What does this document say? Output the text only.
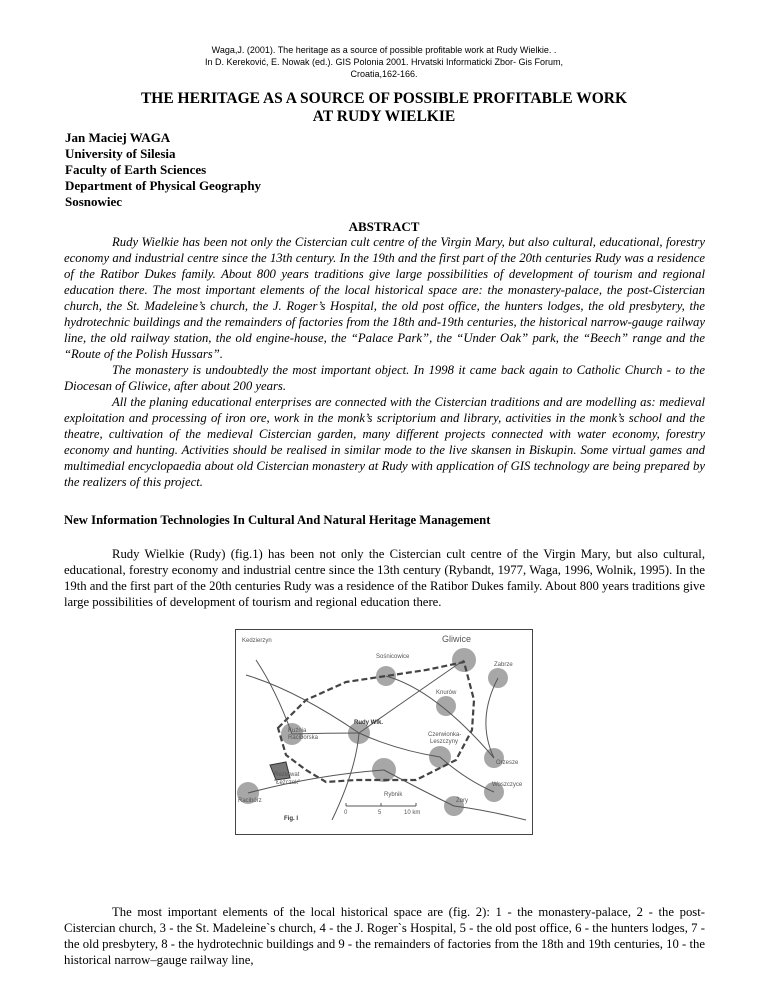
Waga,J. (2001). The heritage as a source of possible profitable work at Rudy Wielkie. .
In D. Kereković, E. Nowak (ed.). GIS Polonia 2001. Hrvatski Informaticki Zbor- Gis Forum,
Croatia,162-166.
THE HERITAGE AS A SOURCE OF POSSIBLE PROFITABLE WORK
AT RUDY WIELKIE
Jan Maciej WAGA
University of Silesia
Faculty of Earth Sciences
Department of Physical Geography
Sosnowiec
ABSTRACT

Rudy Wielkie has been not only the Cistercian cult centre of the Virgin Mary, but also cultural, educational, forestry economy and industrial centre since the 13th century. In the 19th and the first part of the 20th centuries Rudy was a residence of the Ratibor Dukes family. About 800 years traditions give large possibilities of development of tourism and regional education there. The most important elements of the local historical space are: the monastery-palace, the post-Cistercian church, the St. Madeleine’s church, the J. Roger’s Hospital, the old post office, the hunters lodges, the old presbytery, the hydrotechnic buildings and the remainders of factories from the 18th and-19th centuries, the historical narrow-gauge railway line, the old railway station, the old engine-house, the “Palace Park”, the “Under Oak” park, the “Beech” range and the “Route of the Polish Hussars”.

The monastery is undoubtedly the most important object. In 1998 it came back again to Catholic Church - to the Diocesan of Gliwice, after about 200 years.

All the planing educational enterprises are connected with the Cistercian traditions and are modelling as: medieval exploitation and processing of iron ore, work in the monk’s scriptorium and library, activities in the monk’s school and the theatre, cultivation of the medieval Cistercian garden, many different projects connected with water economy, forestry economy and hunting. Activities should be realised in similar mode to the live skansen in Biskupin. Some virtual games and multimedial encyclopaedia about old Cistercian monastery at Rudy with application of GIS technology are being prepared by the realizers of this project.

New Information Technologies In Cultural And Natural Heritage Management

Rudy Wielkie (Rudy) (fig.1) has been not only the Cistercian cult centre of the Virgin Mary, but also cultural, educational, forestry economy and industrial centre since the 13th century (Rybandt, 1977, Waga, 1996, Wolnik, 1995). In the 19th and the first part of the 20th centuries Rudy was a residence of the Ratibor Dukes family. About 800 years traditions give large possibilities of development of tourism and regional education there.

Kedzierzyn	Gliwice
Sośnicowice
Zabrze
Knurów
Kuźnia
Raciborska
Rudy Wlk.
Czerwionka-
Leszczyny
Orzesze
Rezerwat
"Łężczok"	Woszczyce
Racibórz
Rybnik
Żory
0	5	10 km
Fig. I

The most important elements of the local historical space are (fig. 2): 1 - the monastery-palace, 2 - the post-Cistercian church, 3 - the St. Madeleine`s church, 4 - the J. Roger`s Hospital, 5 - the old post office, 6 - the hunters lodges, 7 - the old presbytery, 8 - the hydrotechnic buildings and 9 - the remainders of factories from the 18th and 19th centuries, 10 - the historical narrow–gauge railway line,
